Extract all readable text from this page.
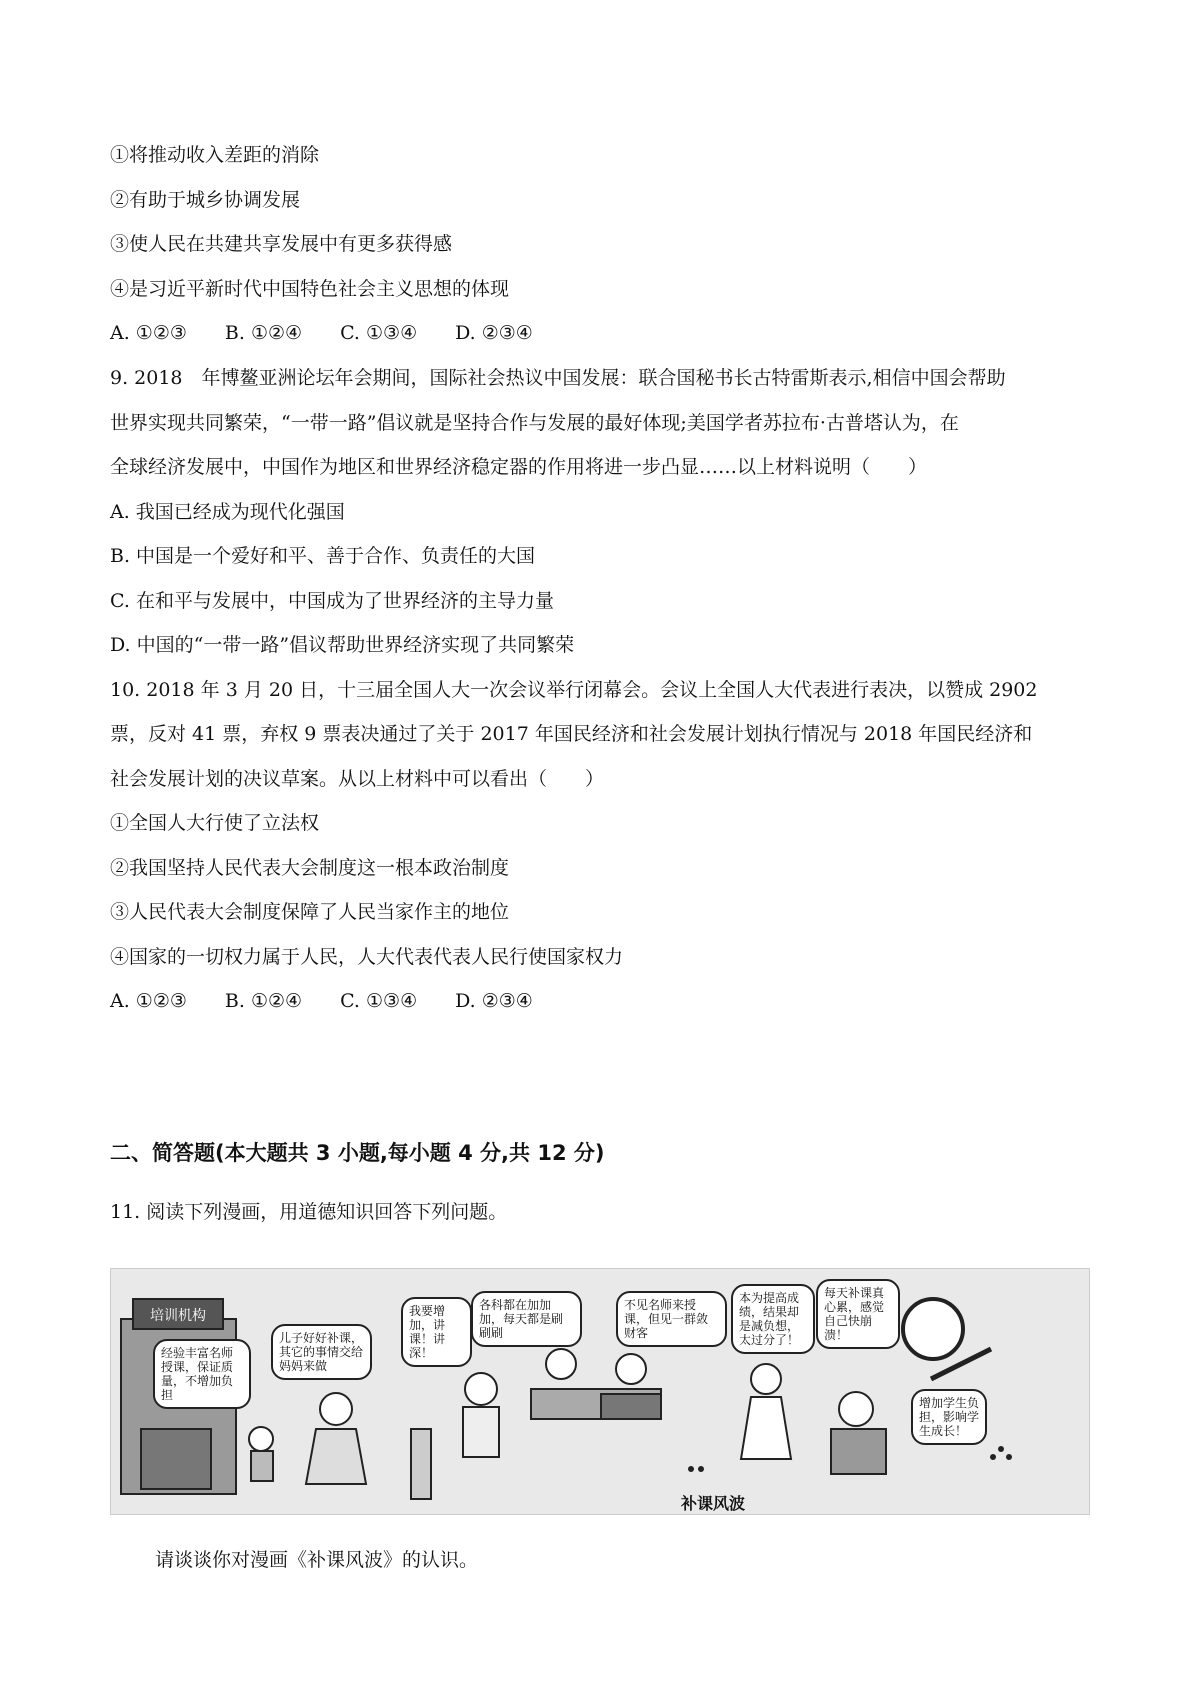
①将推动收入差距的消除
②有助于城乡协调发展
③使人民在共建共享发展中有更多获得感
④是习近平新时代中国特色社会主义思想的体现
A. ①②③ B. ①②④ C. ①③④ D. ②③④
9. 2018　年博鳌亚洲论坛年会期间，国际社会热议中国发展：联合国秘书长古特雷斯表示,相信中国会帮助
世界实现共同繁荣，“一带一路”倡议就是坚持合作与发展的最好体现;美国学者苏拉布·古普塔认为，在
全球经济发展中，中国作为地区和世界经济稳定器的作用将进一步凸显……以上材料说明（　　）
A. 我国已经成为现代化强国
B. 中国是一个爱好和平、善于合作、负责任的大国
C. 在和平与发展中，中国成为了世界经济的主导力量
D. 中国的“一带一路”倡议帮助世界经济实现了共同繁荣
10. 2018 年 3 月 20 日，十三届全国人大一次会议举行闭幕会。会议上全国人大代表进行表决，以赞成 2902
票，反对 41 票，弃权 9 票表决通过了关于 2017 年国民经济和社会发展计划执行情况与 2018 年国民经济和
社会发展计划的决议草案。从以上材料中可以看出（　　）
①全国人大行使了立法权
②我国坚持人民代表大会制度这一根本政治制度
③人民代表大会制度保障了人民当家作主的地位
④国家的一切权力属于人民，人大代表代表人民行使国家权力
A. ①②③ B. ①②④ C. ①③④ D. ②③④
二、简答题(本大题共 3 小题,每小题 4 分,共 12 分)
11. 阅读下列漫画，用道德知识回答下列问题。
培训机构
经验丰富名师授课，保证质量，不增加负担
儿子好好补课，其它的事情交给妈妈来做
我要增加，讲课！讲深！
各科都在加加加，每天都是刷刷刷
不见名师来授课，但见一群敛财客
本为提高成绩，结果却是减负想，太过分了！
每天补课真心累，感觉自己快崩溃！
增加学生负担，影响学生成长！
补课风波
请谈谈你对漫画《补课风波》的认识。
